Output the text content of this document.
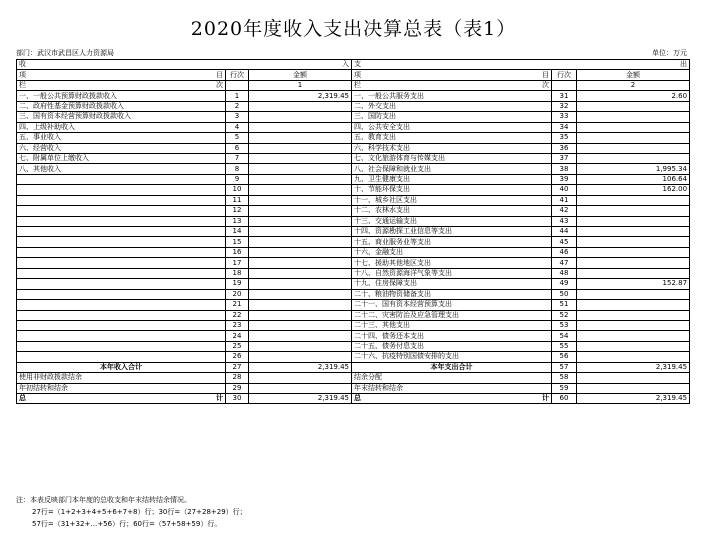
2020年度收入支出决算总表（表1）
部门：武汉市武昌区人力资源局	单位：万元
收 入			支 出		

项 目	行次	金额	项 目	行次	金额

栏 次		1	栏 次		2
一、一般公共预算财政拨款收入	1	2,319.45	一、一般公共服务支出	31	2.60
二、政府性基金预算财政拨款收入	2		二、外交支出	32	
三、国有资本经营预算财政拨款收入	3		三、国防支出	33	
四、上级补助收入	4		四、公共安全支出	34	
五、事业收入	5		五、教育支出	35	
六、经营收入	6		六、科学技术支出	36	
七、附属单位上缴收入	7		七、文化旅游体育与传媒支出	37	
八、其他收入	8		八、社会保障和就业支出	38	1,995.34
	9		九、卫生健康支出	39	106.64
	10		十、节能环保支出	40	162.00
	11		十一、城乡社区支出	41	
	12		十二、农林水支出	42	
	13		十三、交通运输支出	43	
	14		十四、资源勘探工业信息等支出	44	
	15		十五、商业服务业等支出	45	
	16		十六、金融支出	46	
	17		十七、援助其他地区支出	47	
	18		十八、自然资源海洋气象等支出	48	
	19		十九、住房保障支出	49	152.87
	20		二十、粮油物资储备支出	50	
	21		二十一、国有资本经营预算支出	51	
	22		二十二、灾害防治及应急管理支出	52	
	23		二十三、其他支出	53	
	24		二十四、债务还本支出	54	
	25		二十五、债务付息支出	55	
	26		二十六、抗疫特别国债安排的支出	56	
本年收入合计	27	2,319.45	本年支出合计	57	2,319.45
使用非财政拨款结余	28		结余分配	58	
年初结转和结余	29		年末结转和结余	59	

总 计	30	2,319.45	总 计	60	2,319.45
注：本表反映部门本年度的总收支和年末结转结余情况。
27行=（1+2+3+4+5+6+7+8）行；30行=（27+28+29）行；
57行=（31+32+…+56）行；60行=（57+58+59）行。
